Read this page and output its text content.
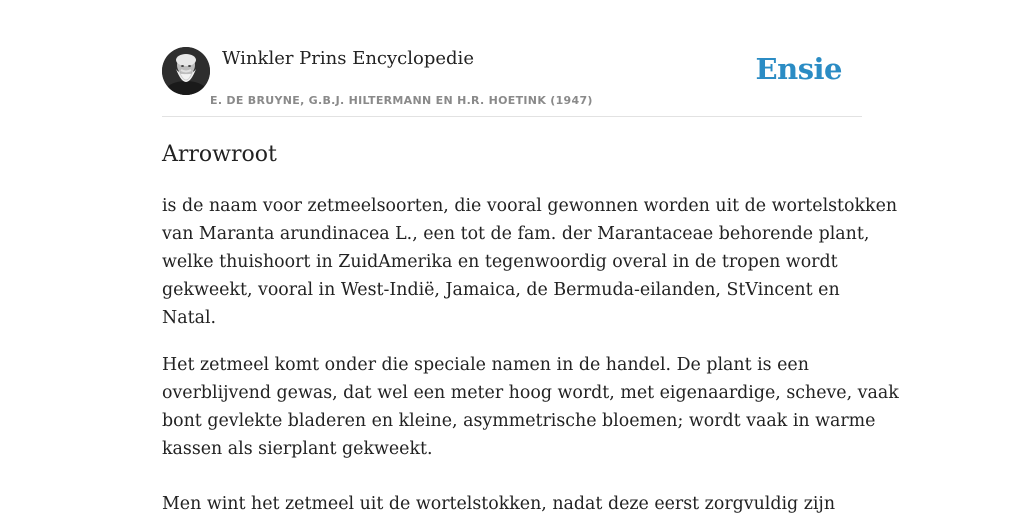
Winkler Prins Encyclopedie
E. DE BRUYNE, G.B.J. HILTERMANN EN H.R. HOETINK (1947)
Ensie
Arrowroot

is de naam voor zetmeelsoorten, die vooral gewonnen worden uit de wortelstokken
van Maranta arundinacea L., een tot de fam. der Marantaceae behorende plant,
welke thuishoort in ZuidAmerika en tegenwoordig overal in de tropen wordt
gekweekt, vooral in West-Indië, Jamaica, de Bermuda-eilanden, StVincent en
Natal.

Het zetmeel komt onder die speciale namen in de handel. De plant is een
overblijvend gewas, dat wel een meter hoog wordt, met eigenaardige, scheve, vaak
bont gevlekte bladeren en kleine, asymmetrische bloemen; wordt vaak in warme
kassen als sierplant gekweekt.

Men wint het zetmeel uit de wortelstokken, nadat deze eerst zorgvuldig zijn
